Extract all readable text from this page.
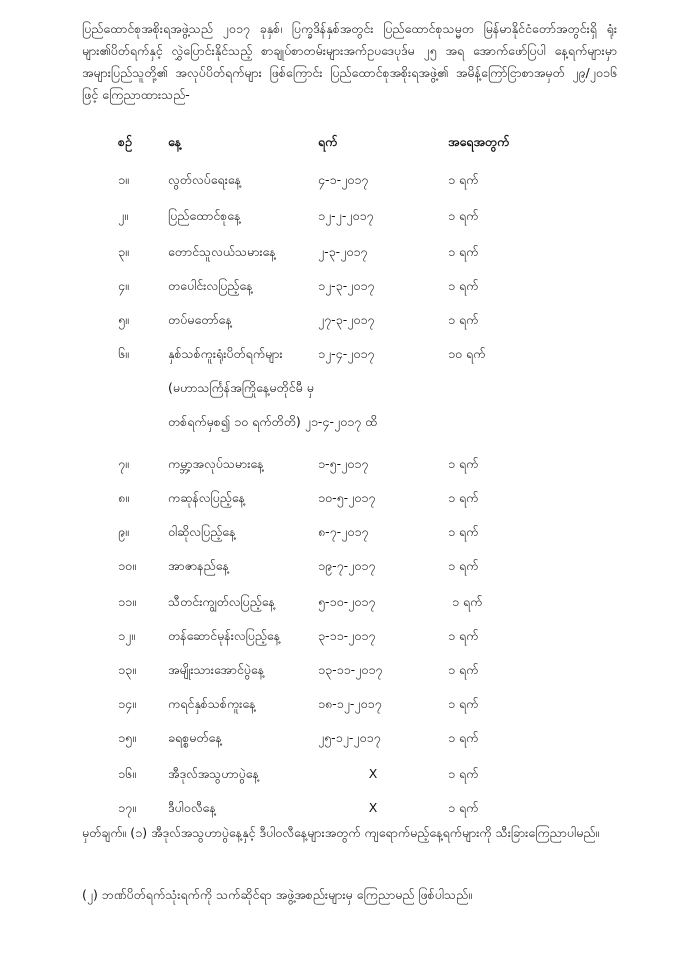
ပြည်ထောင်စုအစိုးရအဖွဲ့သည် ၂၀၁၇ ခုနှစ်၊ ပြက္ခဒိန်နှစ်အတွင်း ပြည်ထောင်စုသမ္မတ မြန်မာနိုင်ငံတော်အတွင်းရှိ ရုံးများ၏ပိတ်ရက်နှင့် လွှဲပြောင်းနိုင်သည့် စာချုပ်စာတမ်းများအက်ဥပဒေပုဒ်မ ၂၅ အရ အောက်ဖော်ပြပါ နေ့ရက်များမှာ အများပြည်သူတို့၏ အလုပ်ပိတ်ရက်များ ဖြစ်ကြောင်း ပြည်ထောင်စုအစိုးရအဖွဲ့၏ အမိန့်ကြော်ငြာစာအမှတ် ၂၉/၂၀၁၆ ဖြင့် ကြေညာထားသည်-

စဉ်	နေ့	ရက်	အရေအတွက်
၁။	လွတ်လပ်ရေးနေ့	၄-၁-၂၀၁၇	၁ ရက်
၂။	ပြည်ထောင်စုနေ့	၁၂-၂-၂၀၁၇	၁ ရက်
၃။	တောင်သူလယ်သမားနေ့	၂-၃-၂၀၁၇	၁ ရက်
၄။	တပေါင်းလပြည့်နေ့	၁၂-၃-၂၀၁၇	၁ ရက်
၅။	တပ်မတော်နေ့	၂၇-၃-၂၀၁၇	၁ ရက်
၆။	နှစ်သစ်ကူးရုံးပိတ်ရက်များ	၁၂-၄-၂၀၁၇	၁၀ ရက်
(မဟာသင်္ကြန်အကြိုနေ့မတိုင်မီ မှ
တစ်ရက်မှစ၍ ၁၀ ရက်တိတိ) ၂၁-၄-၂၀၁၇ ထိ
၇။	ကမ္ဘာ့အလုပ်သမားနေ့	၁-၅-၂၀၁၇	၁ ရက်
၈။	ကဆုန်လပြည့်နေ့	၁၀-၅-၂၀၁၇	၁ ရက်
၉။	ဝါဆိုလပြည့်နေ့	၈-၇-၂၀၁၇	၁ ရက်
၁၀။	အာဇာနည်နေ့	၁၉-၇-၂၀၁၇	၁ ရက်
၁၁။	သီတင်းကျွတ်လပြည့်နေ့	၅-၁၀-၂၀၁၇	၁ ရက်
၁၂။	တန်ဆောင်မုန်းလပြည့်နေ့	၃-၁၁-၂၀၁၇	၁ ရက်
၁၃။	အမျိုးသားအောင်ပွဲနေ့	၁၃-၁၁-၂၀၁၇	၁ ရက်
၁၄။	ကရင်နှစ်သစ်ကူးနေ့	၁၈-၁၂-၂၀၁၇	၁ ရက်
၁၅။	ခရစ္စမတ်နေ့	၂၅-၁၂-၂၀၁၇	၁ ရက်
၁၆။	အီဒုလ်အသွဟာပွဲနေ့	X	၁ ရက်
၁၇။	ဒီပါဝလီနေ့	X	၁ ရက်

မှတ်ချက်။ (၁) အီဒုလ်အသွဟာပွဲနေ့နှင့် ဒီပါဝလီနေ့များအတွက် ကျရောက်မည့်နေ့ရက်များကို သီးခြားကြေညာပါမည်။

(၂) ဘဏ်ပိတ်ရက်သုံးရက်ကို သက်ဆိုင်ရာ အဖွဲ့အစည်းများမှ ကြေညာမည် ဖြစ်ပါသည်။
